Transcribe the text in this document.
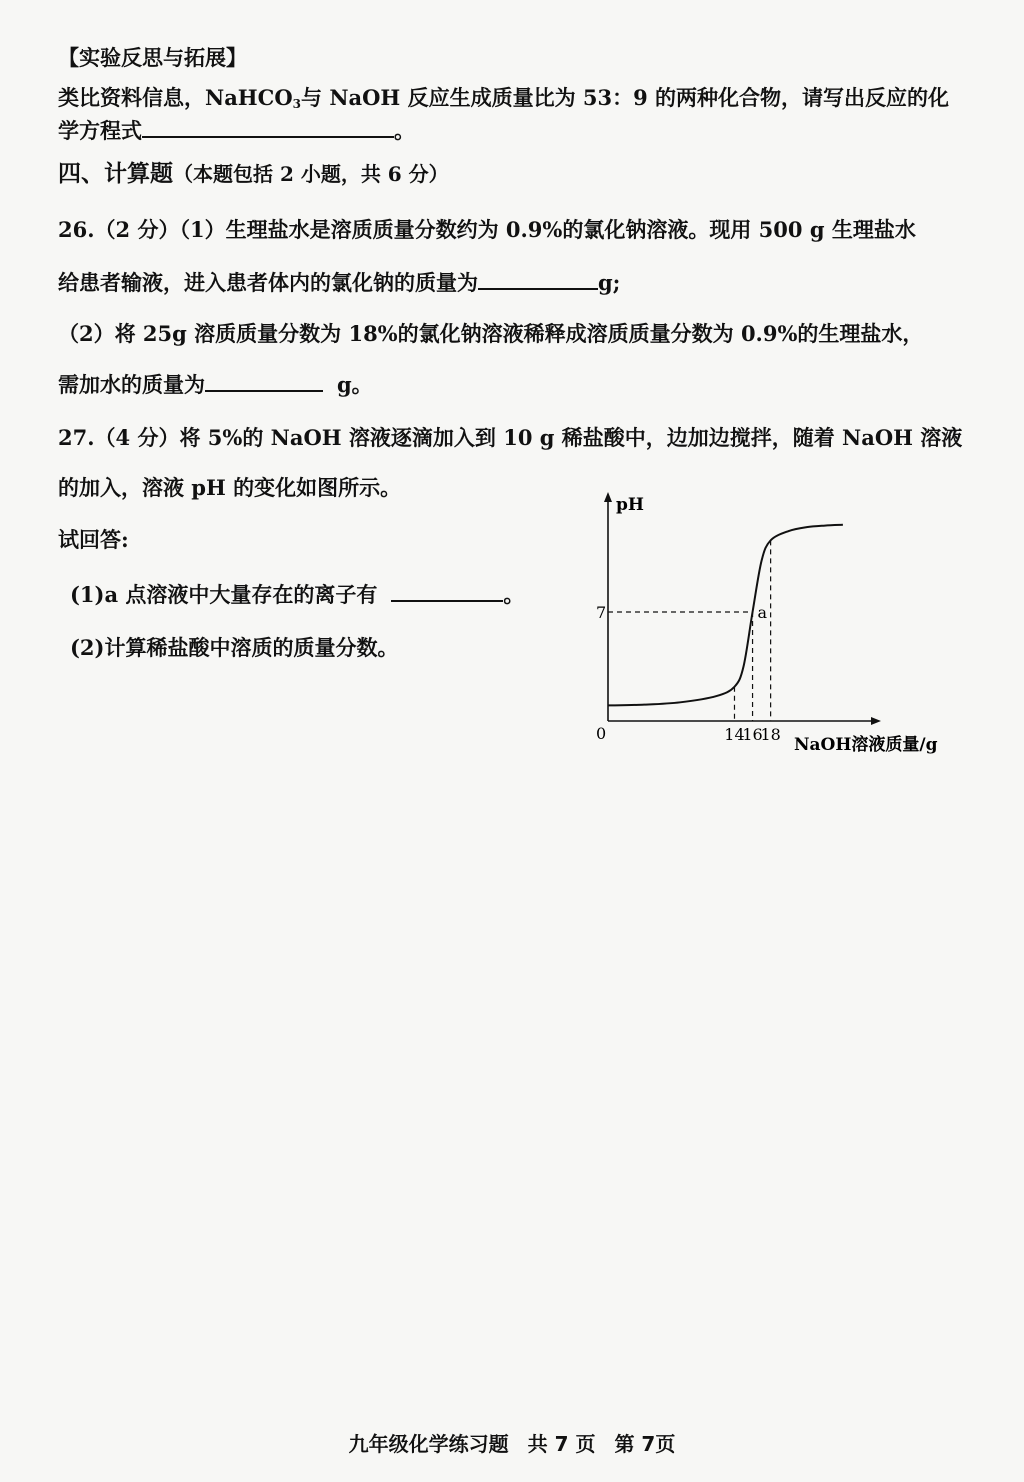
【实验反思与拓展】
类比资料信息，NaHCO$_3$与 NaOH 反应生成质量比为 53：9 的两种化合物，请写出反应的化
学方程式	。
四、计算题（本题包括 2 小题，共 6 分）
26.（2 分）（1）生理盐水是溶质质量分数约为 0.9%的氯化钠溶液。现用 500 g 生理盐水
给患者输液，进入患者体内的氯化钠的质量为	g;
（2）将 25g 溶质质量分数为 18%的氯化钠溶液稀释成溶质质量分数为 0.9%的生理盐水，
需加水的质量为	g。
27.（4 分）将 5%的 NaOH 溶液逐滴加入到 10 g 稀盐酸中，边加边搅拌，随着 NaOH 溶液
的加入，溶液 pH 的变化如图所示。
试回答:
(1)a 点溶液中大量存在的离子有	。
(2)计算稀盐酸中溶质的质量分数。
pH
NaOH溶液质量/g
0
7
14
16
18
a
九年级化学练习题 共 7 页 第 7页
